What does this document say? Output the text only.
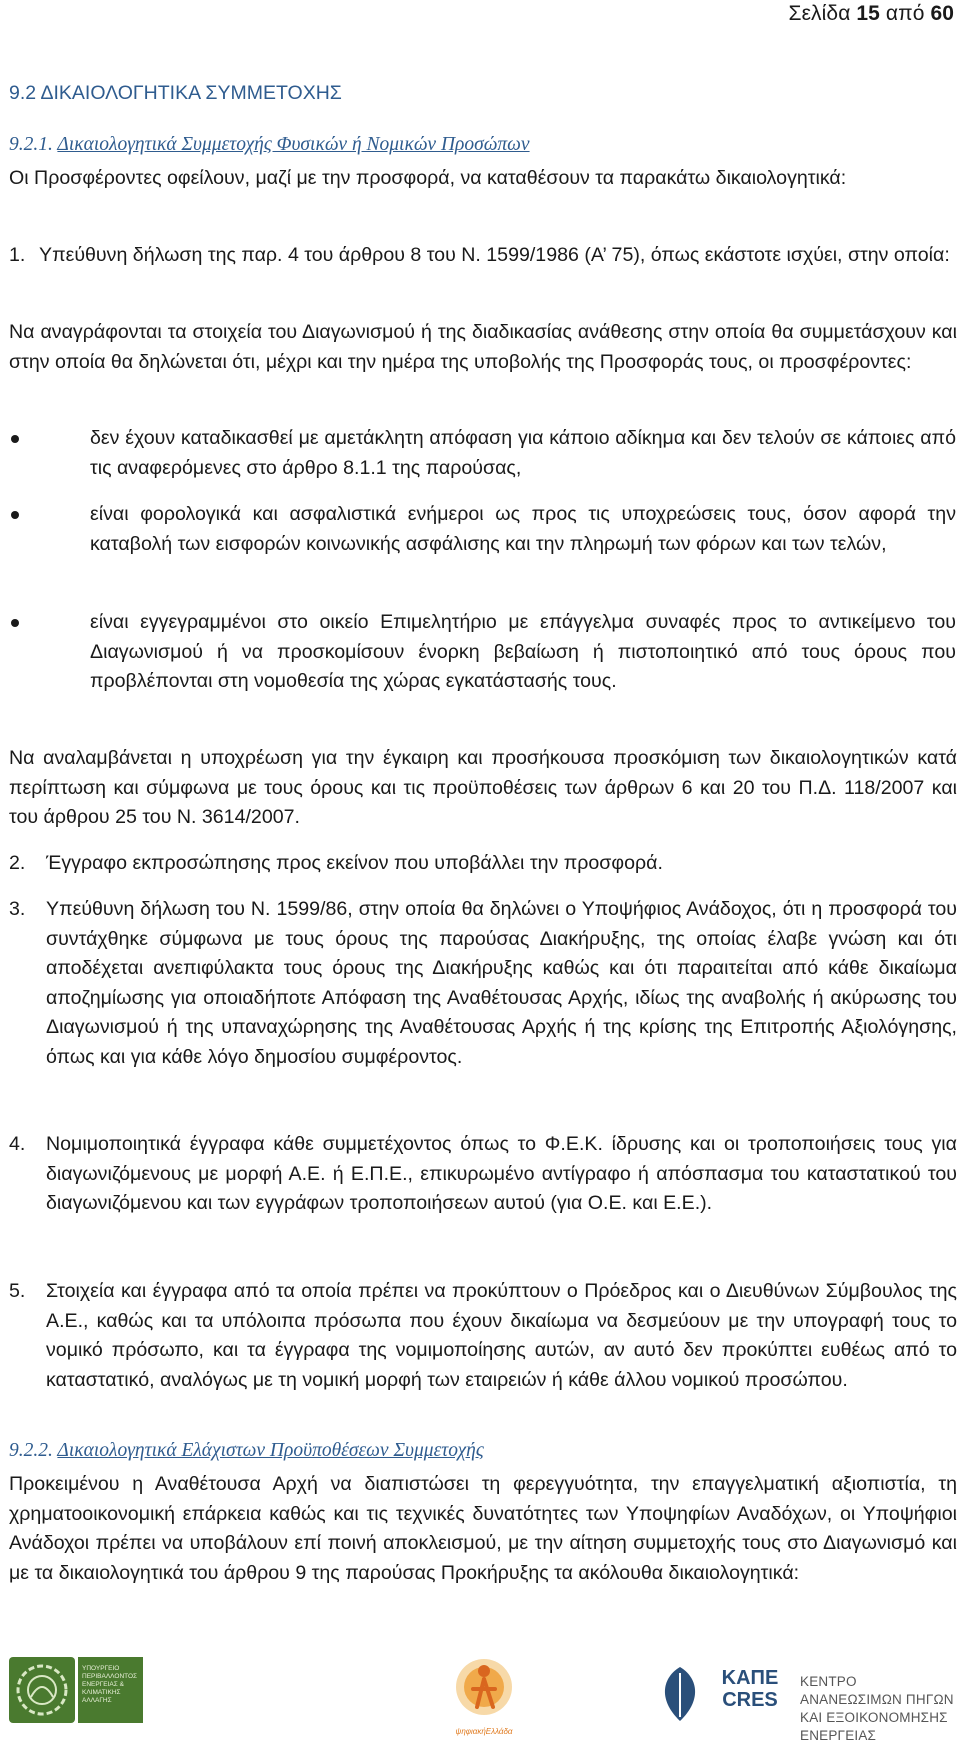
Σελίδα 15 από 60
9.2 ΔΙΚΑΙΟΛΟΓΗΤΙΚΑ ΣΥΜΜΕΤΟΧΗΣ
9.2.1. Δικαιολογητικά Συμμετοχής Φυσικών ή Νομικών Προσώπων

Οι Προσφέροντες οφείλουν, μαζί με την προσφορά, να καταθέσουν τα παρακάτω δικαιολογητικά:

1. Υπεύθυνη δήλωση της παρ. 4 του άρθρου 8 του Ν. 1599/1986 (Α’ 75), όπως εκάστοτε ισχύει, στην οποία:

Να αναγράφονται τα στοιχεία του Διαγωνισμού ή της διαδικασίας ανάθεσης στην οποία θα συμμετάσχουν και στην οποία θα δηλώνεται ότι, μέχρι και την ημέρα της υποβολής της Προσφοράς τους, οι προσφέροντες:

δεν έχουν καταδικασθεί με αμετάκλητη απόφαση για κάποιο αδίκημα και δεν τελούν σε κάποιες από τις αναφερόμενες στο άρθρο 8.1.1 της παρούσας,

είναι φορολογικά και ασφαλιστικά ενήμεροι ως προς τις υποχρεώσεις τους, όσον αφορά την καταβολή των εισφορών κοινωνικής ασφάλισης και την πληρωμή των φόρων και των τελών,

είναι εγγεγραμμένοι στο οικείο Επιμελητήριο με επάγγελμα συναφές προς το αντικείμενο του Διαγωνισμού ή να προσκομίσουν ένορκη βεβαίωση ή πιστοποιητικό από τους όρους που προβλέπονται στη νομοθεσία της χώρας εγκατάστασής τους.

Να αναλαμβάνεται η υποχρέωση για την έγκαιρη και προσήκουσα προσκόμιση των δικαιολογητικών κατά περίπτωση και σύμφωνα με τους όρους και τις προϋποθέσεις των άρθρων 6 και 20 του Π.Δ. 118/2007 και του άρθρου 25 του Ν. 3614/2007.

2. Έγγραφο εκπροσώπησης προς εκείνον που υποβάλλει την προσφορά.

3. Υπεύθυνη δήλωση του Ν. 1599/86, στην οποία θα δηλώνει ο Υποψήφιος Ανάδοχος, ότι η προσφορά του συντάχθηκε σύμφωνα με τους όρους της παρούσας Διακήρυξης, της οποίας έλαβε γνώση και ότι αποδέχεται ανεπιφύλακτα τους όρους της Διακήρυξης καθώς και ότι παραιτείται από κάθε δικαίωμα αποζημίωσης για οποιαδήποτε Απόφαση της Αναθέτουσας Αρχής, ιδίως της αναβολής ή ακύρωσης του Διαγωνισμού ή της υπαναχώρησης της Αναθέτουσας Αρχής ή της κρίσης της Επιτροπής Αξιολόγησης, όπως και για κάθε λόγο δημοσίου συμφέροντος.

4. Νομιμοποιητικά έγγραφα κάθε συμμετέχοντος όπως το Φ.Ε.Κ. ίδρυσης και οι τροποποιήσεις τους για διαγωνιζόμενους με μορφή Α.Ε. ή Ε.Π.Ε., επικυρωμένο αντίγραφο ή απόσπασμα του καταστατικού του διαγωνιζόμενου και των εγγράφων τροποποιήσεων αυτού (για Ο.Ε. και Ε.Ε.).

5. Στοιχεία και έγγραφα από τα οποία πρέπει να προκύπτουν ο Πρόεδρος και ο Διευθύνων Σύμβουλος της Α.Ε., καθώς και τα υπόλοιπα πρόσωπα που έχουν δικαίωμα να δεσμεύουν με την υπογραφή τους το νομικό πρόσωπο, και τα έγγραφα της νομιμοποίησης αυτών, αν αυτό δεν προκύπτει ευθέως από το καταστατικό, αναλόγως με τη νομική μορφή των εταιρειών ή κάθε άλλου νομικού προσώπου.

9.2.2. Δικαιολογητικά Ελάχιστων Προϋποθέσεων Συμμετοχής

Προκειμένου η Αναθέτουσα Αρχή να διαπιστώσει τη φερεγγυότητα, την επαγγελματική αξιοπιστία, τη χρηματοοικονομική επάρκεια καθώς και τις τεχνικές δυνατότητες των Υποψηφίων Αναδόχων, οι Υποψήφιοι Ανάδοχοι πρέπει να υποβάλουν επί ποινή αποκλεισμού, με την αίτηση συμμετοχής τους στο Διαγωνισμό και με τα δικαιολογητικά του άρθρου 9 της παρούσας Προκήρυξης τα ακόλουθα δικαιολογητικά:

ΥΠΟΥΡΓΕΙΟ ΠΕΡΙΒΑΛΛΟΝΤΟΣ ΕΝΕΡΓΕΙΑΣ & ΚΛΙΜΑΤΙΚΗΣ ΑΛΛΑΓΗΣ
ψηφιακήΕλλάδα
ΚΑΠΕ
CRES
ΚΕΝΤΡΟ ΑΝΑΝΕΩΣΙΜΩΝ ΠΗΓΩΝ
ΚΑΙ ΕΞΟΙΚΟΝΟΜΗΣΗΣ ΕΝΕΡΓΕΙΑΣ
